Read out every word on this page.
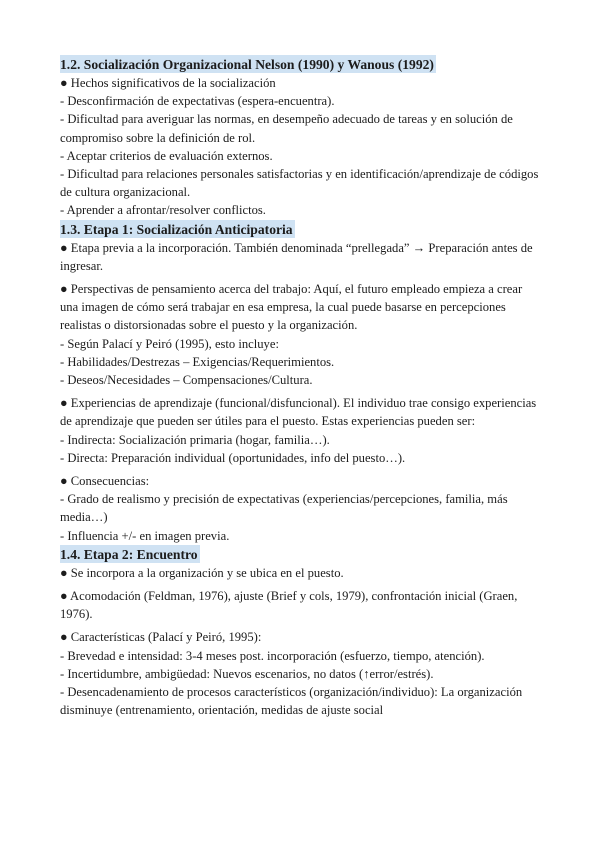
1.2. Socialización Organizacional Nelson (1990) y Wanous (1992)

● Hechos significativos de la socialización

- Desconfirmación de expectativas (espera-encuentra).

- Dificultad para averiguar las normas, en desempeño adecuado de tareas y en solución de compromiso sobre la definición de rol.

- Aceptar criterios de evaluación externos.

- Dificultad para relaciones personales satisfactorias y en identificación/aprendizaje de códigos de cultura organizacional.

- Aprender a afrontar/resolver conflictos.

1.3. Etapa 1: Socialización Anticipatoria

● Etapa previa a la incorporación. También denominada “prellegada” → Preparación antes de ingresar.

● Perspectivas de pensamiento acerca del trabajo: Aquí, el futuro empleado empieza a crear una imagen de cómo será trabajar en esa empresa, la cual puede basarse en percepciones realistas o distorsionadas sobre el puesto y la organización.

- Según Palací y Peiró (1995), esto incluye:

- Habilidades/Destrezas – Exigencias/Requerimientos.

- Deseos/Necesidades – Compensaciones/Cultura.

● Experiencias de aprendizaje (funcional/disfuncional). El individuo trae consigo experiencias de aprendizaje que pueden ser útiles para el puesto. Estas experiencias pueden ser:

- Indirecta: Socialización primaria (hogar, familia…).

- Directa: Preparación individual (oportunidades, info del puesto…).

● Consecuencias:

- Grado de realismo y precisión de expectativas (experiencias/percepciones, familia, más media…)

- Influencia +/- en imagen previa.

1.4. Etapa 2: Encuentro

● Se incorpora a la organización y se ubica en el puesto.

● Acomodación (Feldman, 1976), ajuste (Brief y cols, 1979), confrontación inicial (Graen, 1976).

● Características (Palací y Peiró, 1995):

- Brevedad e intensidad: 3-4 meses post. incorporación (esfuerzo, tiempo, atención).

- Incertidumbre, ambigüedad: Nuevos escenarios, no datos (↑error/estrés).

- Desencadenamiento de procesos característicos (organización/individuo): La organización disminuye (entrenamiento, orientación, medidas de ajuste social
